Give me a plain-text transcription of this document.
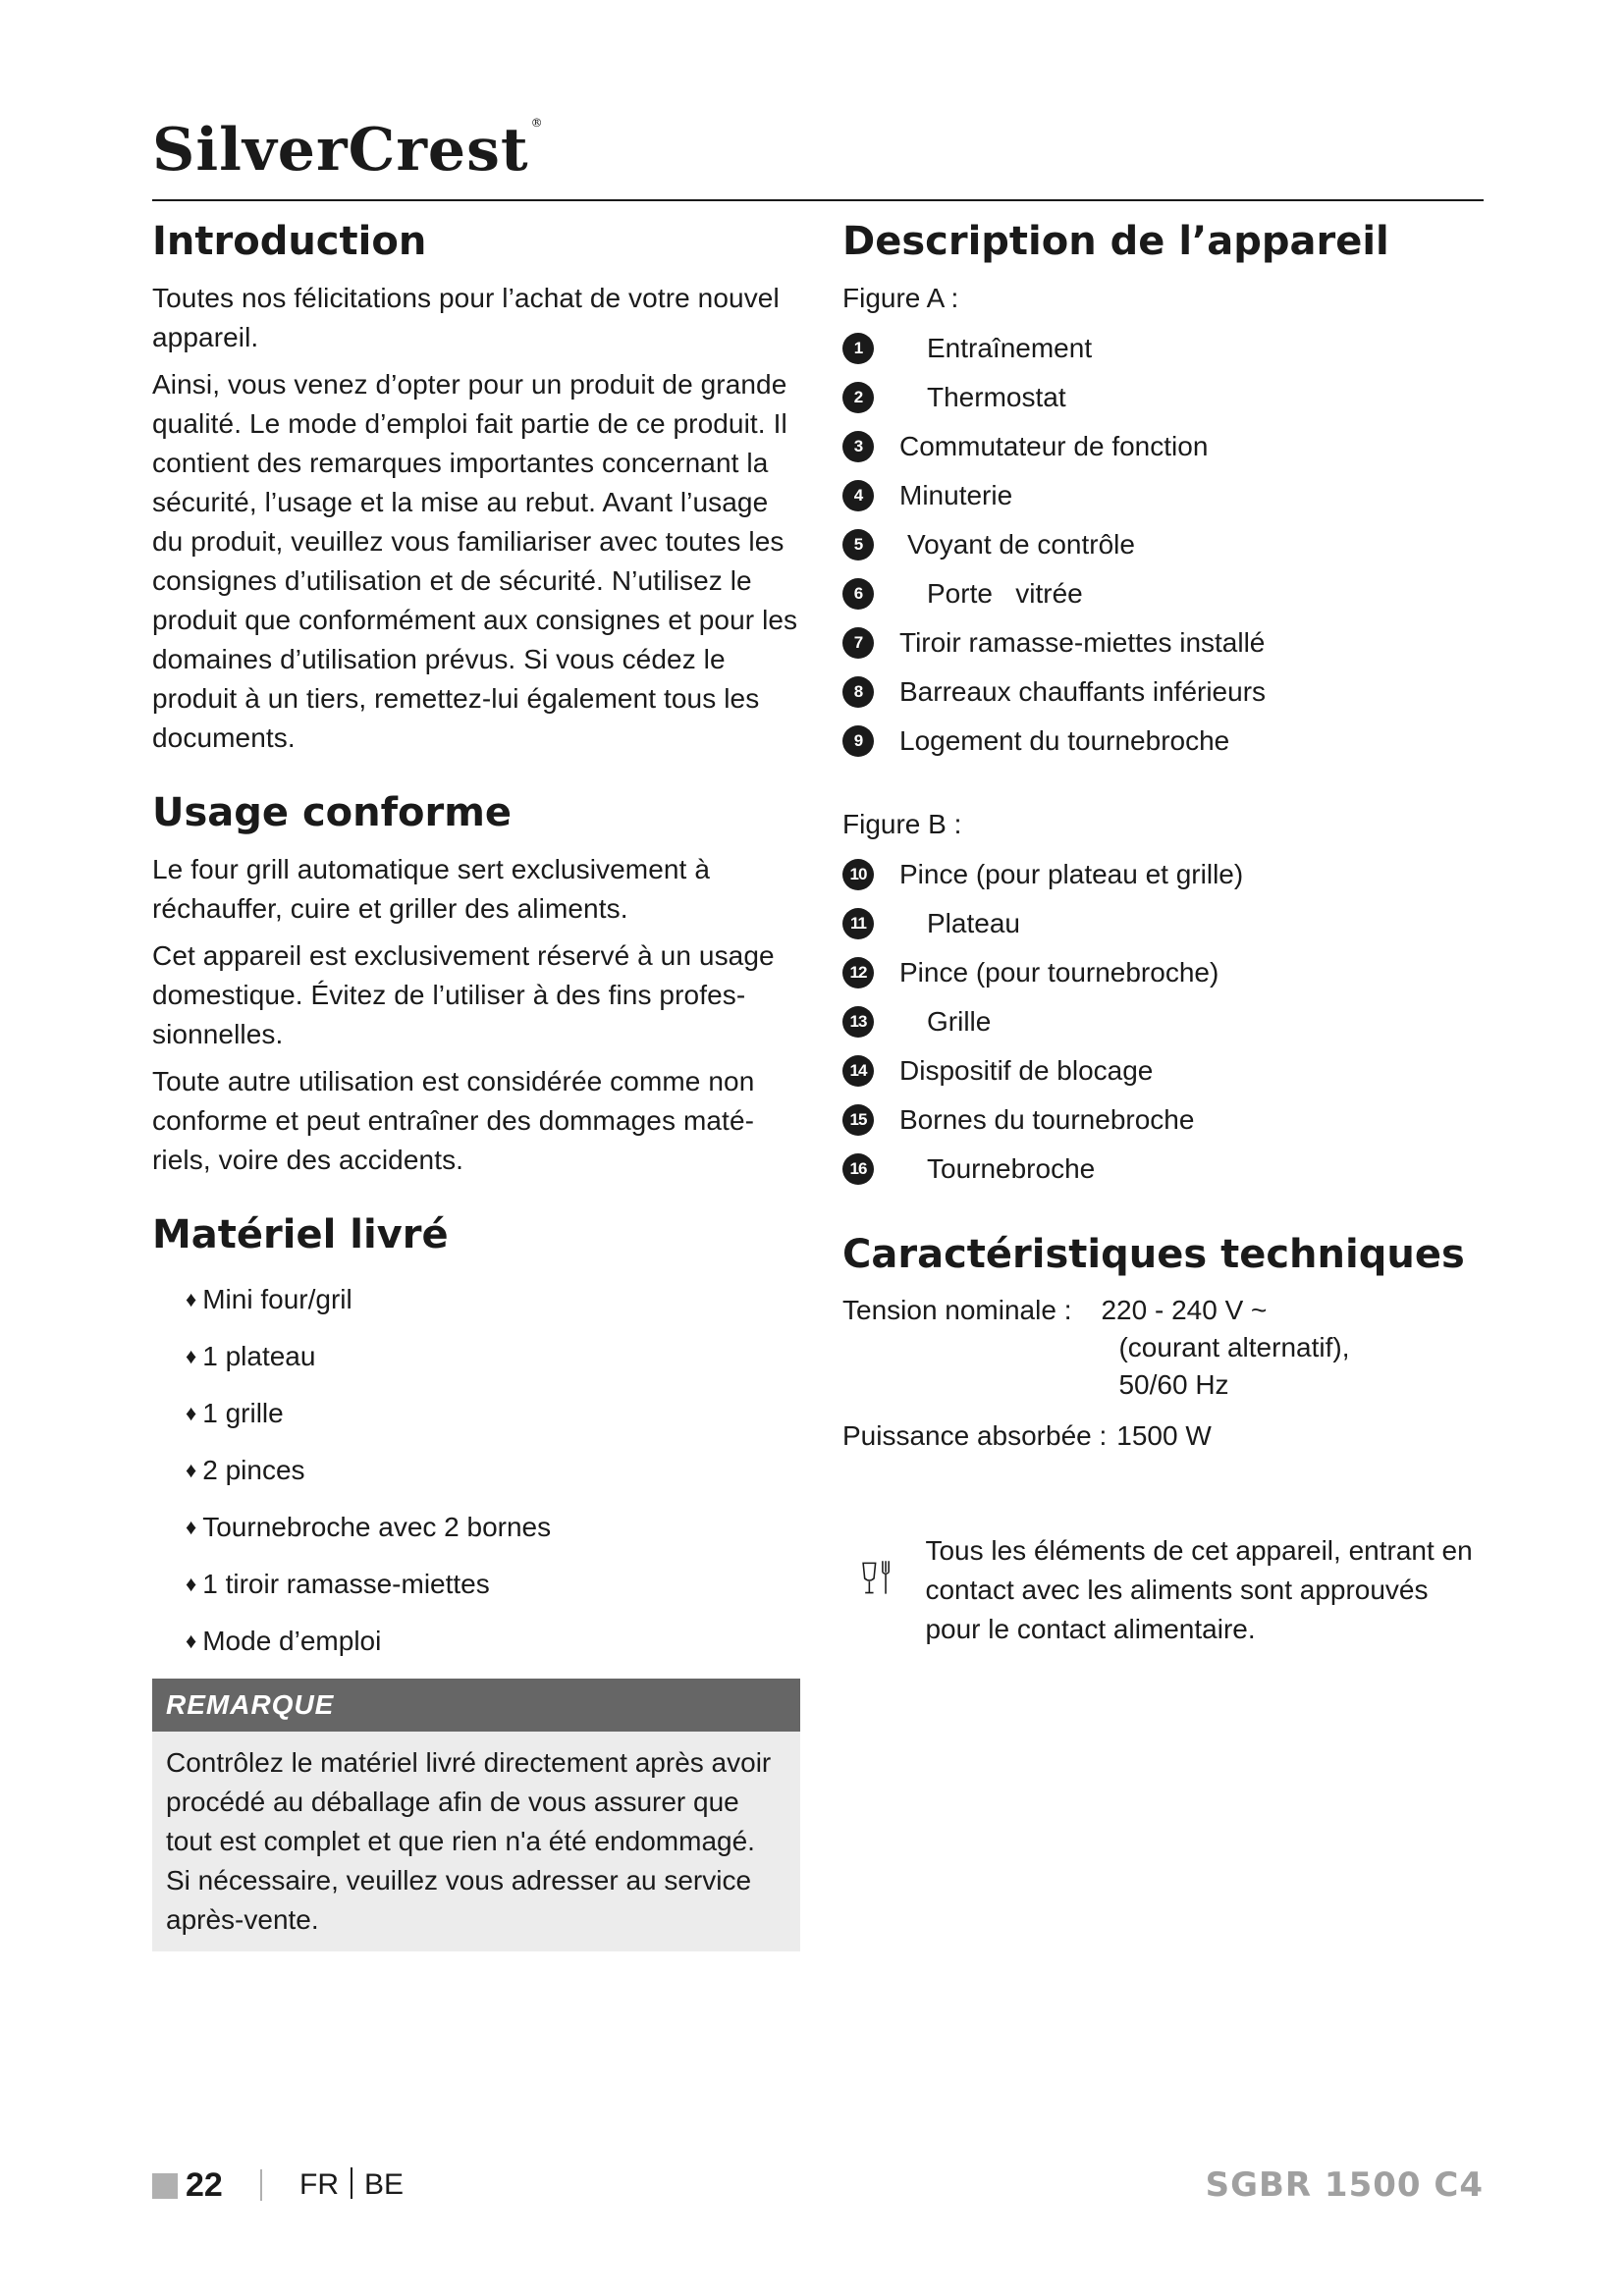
SilverCrest ®
Introduction

Toutes nos félicitations pour l’achat de votre nouvel appareil.

Ainsi, vous venez d’opter pour un produit de grande qualité. Le mode d’emploi fait partie de ce produit. Il contient des remarques importantes concernant la sécurité, l’usage et la mise au rebut. Avant l’usage du produit, veuillez vous familiariser avec toutes les consignes d’utilisation et de sécurité. N’utilisez le produit que conformément aux consignes et pour les domaines d’utilisation prévus. Si vous cédez le produit à un tiers, remettez-lui également tous les documents.

Usage conforme

Le four grill automatique sert exclusivement à réchauffer, cuire et griller des aliments.

Cet appareil est exclusivement réservé à un usage domestique. Évitez de l’utiliser à des fins professionnelles.

Toute autre utilisation est considérée comme non conforme et peut entraîner des dommages matériels, voire des accidents.

Matériel livré
♦ Mini four/gril
♦ 1 plateau
♦ 1 grille
♦ 2 pinces
♦ Tournebroche avec 2 bornes
♦ 1 tiroir ramasse-miettes
♦ Mode d’emploi
REMARQUE
Contrôlez le matériel livré directement après avoir procédé au déballage afin de vous assurer que tout est complet et que rien n'a été endommagé. Si nécessaire, veuillez vous adresser au service après-vente.
Description de l’appareil
Figure A :
1	Entraînement
2	Thermostat
3	Commutateur de fonction
4	Minuterie
5	Voyant de contrôle
6	Porte   vitrée
7	Tiroir ramasse-miettes installé
8	Barreaux chauffants inférieurs
9	Logement du tournebroche
Figure B :
10 Pince (pour plateau et grille)
11 Plateau
12 Pince (pour tournebroche)
13 Grille
14 Dispositif de blocage
15 Bornes du tournebroche
16 Tournebroche
Caractéristiques techniques
Tension nominale : 220 - 240 V ~
(courant alternatif),
50/60 Hz
Puissance absorbée : 1500 W
Tous les éléments de cet appareil, entrant en contact avec les aliments sont approuvés pour le contact alimentaire.
22	FR BE	SGBR 1500 C4
